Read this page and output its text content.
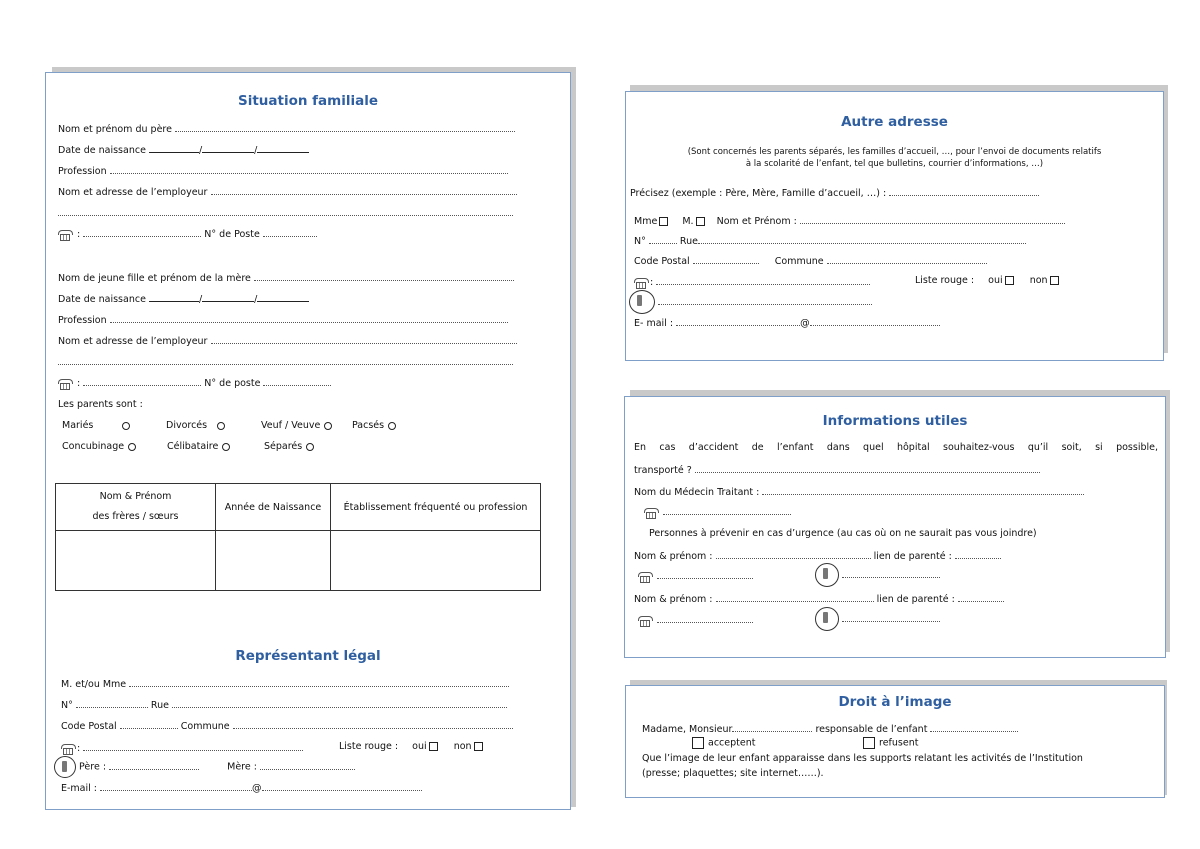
Situation familiale
Nom et prénom du père
Date de naissance	/	/
Profession
Nom et adresse de l’employeur
:	N° de Poste
Nom de jeune fille et prénom de la mère
Date de naissance	/	/
Profession
Nom et adresse de l’employeur
:	N° de poste
Les parents sont :
Mariés	Divorcés	Veuf / Veuve	Pacsés
Concubinage	Célibataire	Séparés
Nom & Prénom
des frères / sœurs	Année de Naissance	Établissement fréquenté ou profession

Représentant légal
M. et/ou Mme
N°	Rue
Code Postal	Commune
:	Liste rouge : oui	non
Père :	Mère :
E-mail :	@
Autre adresse
(Sont concernés les parents séparés, les familles d’accueil, …, pour l’envoi de documents relatifs
à la scolarité de l’enfant, tel que bulletins, courrier d’informations, …)
Précisez (exemple : Père, Mère, Famille d’accueil, …) :
Mme	M. Nom et Prénom :
N°	Rue
Code Postal	Commune
:	Liste rouge : oui	non

E- mail :	@
Informations utiles
En cas d’accident de l’enfant dans quel hôpital souhaitez-vous qu’il soit, si possible,
transporté ?
Nom du Médecin Traitant :

Personnes à prévenir en cas d’urgence (au cas où on ne saurait pas vous joindre)
Nom & prénom :	lien de parenté :

Nom & prénom :	lien de parenté :

Droit à l’image
Madame, Monsieur	responsable de l’enfant
acceptent	refusent
Que l’image de leur enfant apparaisse dans les supports relatant les activités de l’Institution
(presse; plaquettes; site internet……).
